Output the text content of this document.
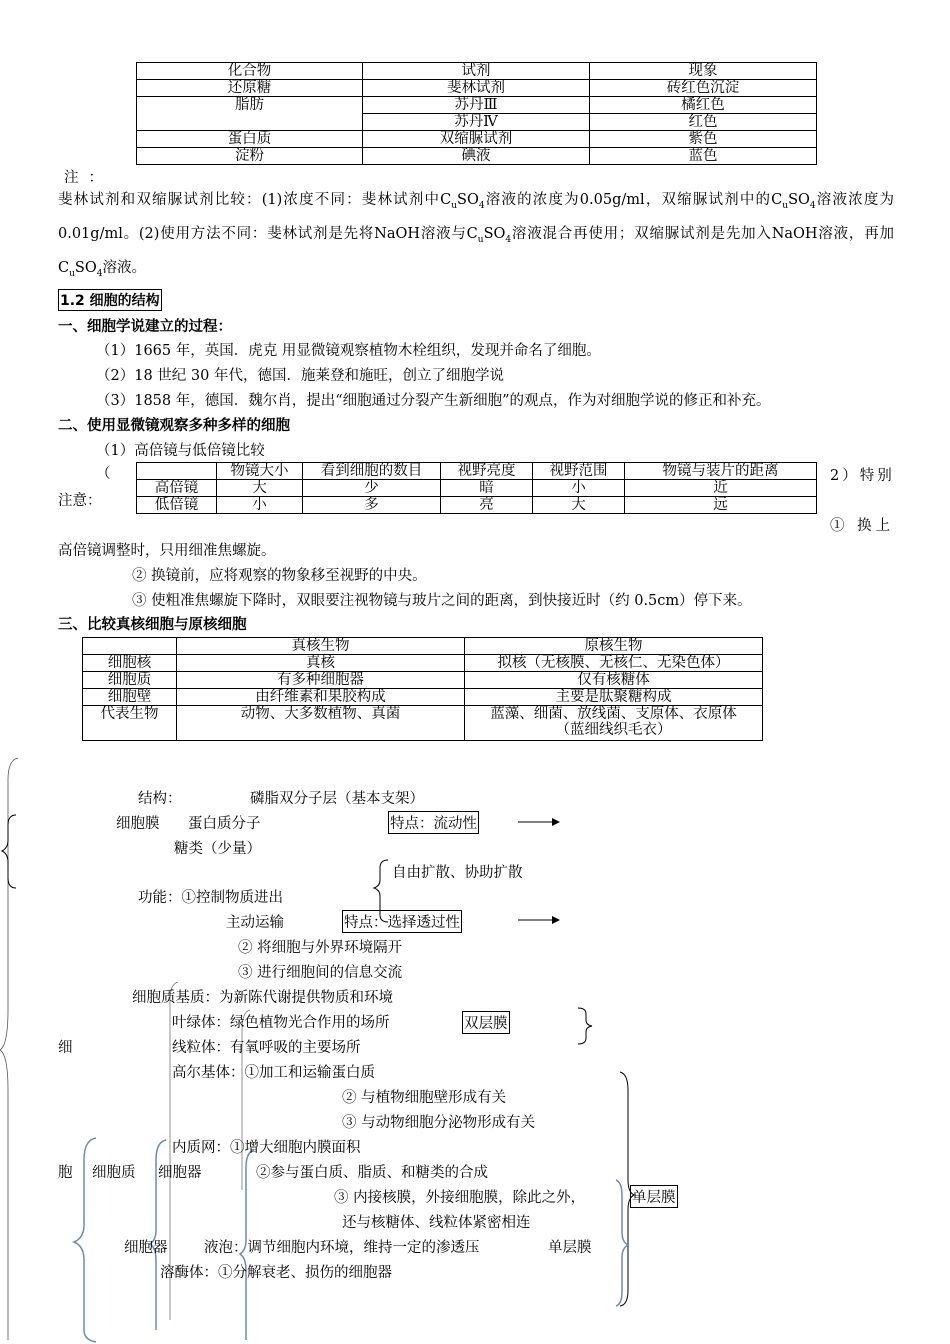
化合物	试剂	现象
还原糖	斐林试剂	砖红色沉淀
脂肪	苏丹Ⅲ	橘红色
	苏丹Ⅳ	红色
蛋白质	双缩脲试剂	紫色
淀粉	碘液	蓝色
注：
斐林试剂和双缩脲试剂比较：(1)浓度不同：斐林试剂中$C_uSO_4$溶液的浓度为0.05g/ml，双缩脲试剂中的$C_uSO_4$溶液浓度为0.01g/ml。(2)使用方法不同：斐林试剂是先将NaOH溶液与$C_uSO_4$溶液混合再使用；双缩脲试剂是先加入NaOH溶液，再加$C_uSO_4$溶液。
1.2 细胞的结构
一、细胞学说建立的过程：
（1）1665 年，英国．虎克 用显微镜观察植物木栓组织，发现并命名了细胞。
（2）18 世纪 30 年代，德国．施莱登和施旺，创立了细胞学说
（3）1858 年，德国．魏尔肖，提出“细胞通过分裂产生新细胞”的观点，作为对细胞学说的修正和补充。
二、使用显微镜观察多种多样的细胞
（1）高倍镜与低倍镜比较
（
注意：
2）特别
	物镜大小	看到细胞的数目	视野亮度	视野范围	物镜与装片的距离
高倍镜	大	少	暗	小	近
低倍镜	小	多	亮	大	远
① 换上
高倍镜调整时，只用细准焦螺旋。
② 换镜前，应将观察的物象移至视野的中央。
③ 使粗准焦螺旋下降时，双眼要注视物镜与玻片之间的距离，到快接近时（约 0.5cm）停下来。
三、比较真核细胞与原核细胞
	真核生物	原核生物
细胞核	真核	拟核（无核膜、无核仁、无染色体）
细胞质	有多种细胞器	仅有核糖体
细胞壁	由纤维素和果胶构成	主要是肽聚糖构成
代表生物	动物、大多数植物、真菌	蓝藻、细菌、放线菌、支原体、衣原体
（蓝细线织毛衣）
结构：	磷脂双分子层（基本支架）
细胞膜 蛋白质分子	特点：流动性
糖类（少量）
自由扩散、协助扩散
功能：①控制物质进出
主动运输	特点：选择透过性
② 将细胞与外界环境隔开
③ 进行细胞间的信息交流
细胞质基质：为新陈代谢提供物质和环境
叶绿体：绿色植物光合作用的场所	双层膜
细	线粒体：有氧呼吸的主要场所
高尔基体：①加工和运输蛋白质
② 与植物细胞壁形成有关
③ 与动物细胞分泌物形成有关
内质网：①增大细胞内膜面积
胞 细胞质 细胞器	②参与蛋白质、脂质、和糖类的合成
③ 内接核膜，外接细胞膜，除此之外，	单层膜
还与核糖体、线粒体紧密相连
细胞器	液泡：调节细胞内环境，维持一定的渗透压	单层膜
溶酶体：①分解衰老、损伤的细胞器
